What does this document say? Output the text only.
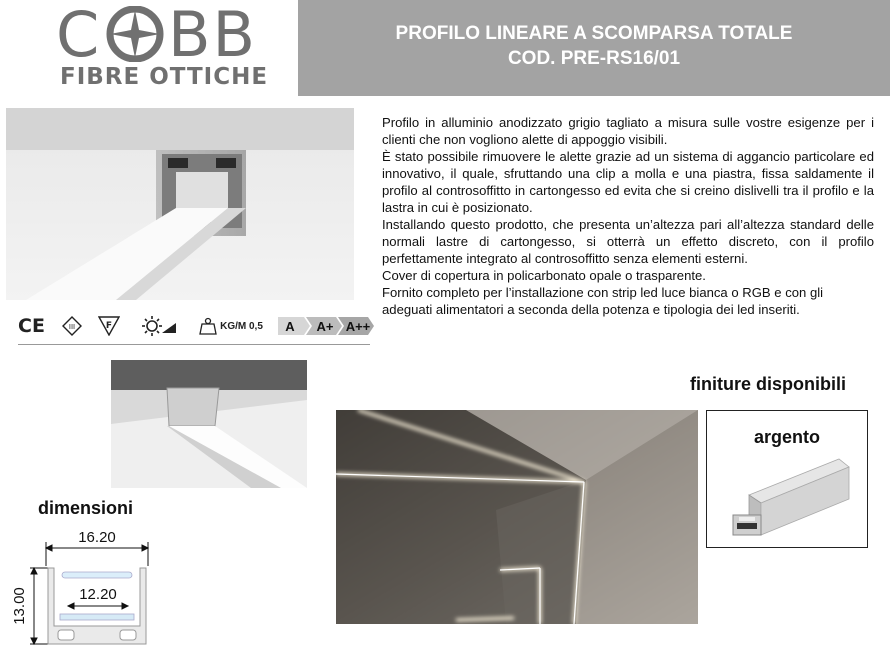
C BB
FIBRE OTTICHE
PROFILO LINEARE A SCOMPARSA TOTALE
COD. PRE-RS16/01
CE	III	F	KG/M 0,5 A A+ A++

Profilo in alluminio anodizzato grigio tagliato a misura sulle vostre esigenze per i clienti che non vogliono alette di appoggio visibili.

È stato possibile rimuovere le alette grazie ad un sistema di aggancio particolare ed innovativo, il quale, sfruttando una clip a molla e una piastra, fissa saldamente il profilo al controsoffitto in cartongesso ed evita che si creino dislivelli tra il profilo e la lastra in cui è posizionato.

Installando questo prodotto, che presenta un’altezza pari all’altezza standard delle normali lastre di cartongesso, si otterrà un effetto discreto, con il profilo perfettamente integrato al controsoffitto senza elementi esterni.

Cover di copertura in policarbonato opale o trasparente.

Fornito completo per l’installazione con strip led luce bianca o RGB e con gli adeguati alimentatori a seconda della potenza e tipologia dei led inseriti.

finiture disponibili
argento
dimensioni
16.20
12.20
13.00
